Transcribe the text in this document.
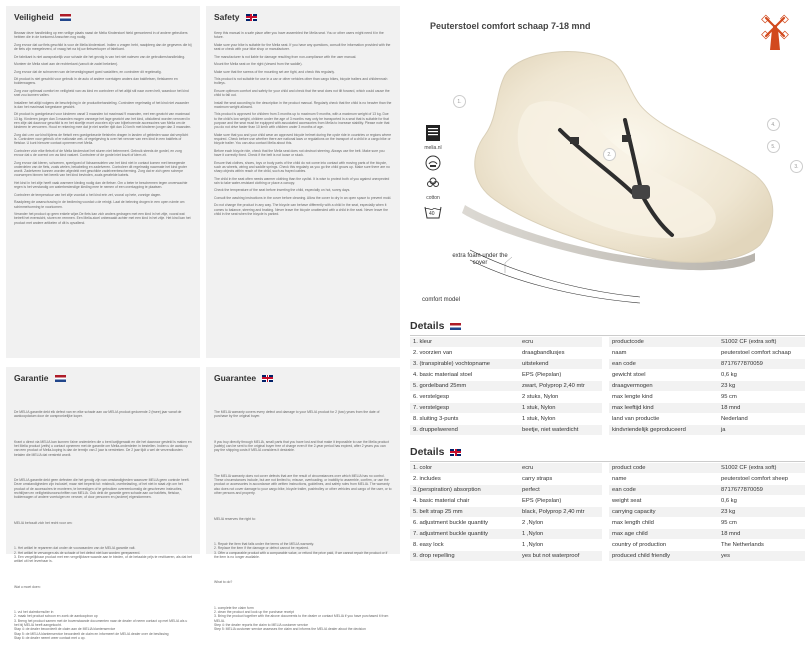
Veiligheid

Bewaar deze handleiding op een veilige plaats naast de Melia Kinderstoel hield gemonteerd in of andere gebruikers hebben die in de toekomst Ansschen nog nodig.

Zorg ervoor dat uw fiets geschikt is voor de Melia kinderstoel. Indien u vragen hebt, raadpleeg dan de gegevens die bij de fiets zijn meegeleverd, of vraag het na bij uw fietsverkoper of fabrikant.

De fabrikant is niet aansprakelijk voor schade die het gevolg is van het niet naleven van de gebruikershandleiding.

Monteer de Melia stoel aan de rechterkant (vanuit de zadel bekeken).

Zorg ervoor dat de schroeven van de bevestigingsset goed vastzitten, en controleer dit regelmatig.

Dit product is niet geschikt voor gebruik in de auto of andere voertuigen anders dan bakfietsen, fietskarren en bolderwagens.

Zorg voor optimaal comfort en veiligheid van uw kind en controleer of het altijd stil naar voren helt, waardoor het kind snel zou kunnen vallen.

Installeer het altijd volgens de beschrijving in de productbehandeling. Controleer regelmatig of het kind niet zwaarder is dan het maximaal toegestane gewicht.

Dit product is goedgekeurd voor kinderen vanaf 3 maanden tot maximaal 9 maanden, met een gewicht van maximaal 13 kg. Kinderen jonger dan 3 maanden mogen vanwege het lage gewicht van het kind, uitsluitend worden vervoerd in een zitje dat daarvoor geschikt is en het stoeltje moet voorzien zijn van bijbehorende accessoires van Melia om de kinderen te vervoeren. Houd er rekening mee dat je niet sneller rijdt dan 10 km/h met kinderen jonger dan 3 maanden.

Zorg dat u en uw kind tijdens de fietsrit een goedgekeurde fietshelm dragen in landen of gebieden waar dat verplicht is. Controleer voor gebruik of er nationale wet- of regelgeving is over het vervoer van een kind in een bakfiets of fietskar. U kunt hierover contact opnemen met Melia.

Controleer vóór elke fietsrit of de Melia kinderstoel het sturen niet belemmert. Gebruik steeds de gordel, en zorg ervoor dat u de correct om uw kind vastzet. Controleer of de gordel niet loszit of klem zit.

Zorg ervoor dat kleren, schoenen, speelgoed of lichaamsdelen van het kind niet in contact komen met bewegende onderdelen van de fiets, zoals wielen, bekabeling en zadelveren. Controleer dit regelmatig naarmate het kind groter wordt. Zadelveren kunnen worden afgedekt met geschikte zadelveerbescherming. Zorg dat er zich geen scherpe voorwerpen binnen het bereik van het kind bevinden, zoals gerafelde kabels.

Het kind in het zitje heeft vaak warmere kleding nodig dan de fietser. Om u beter te beschermen tegen onverwachte regen is het verstandig om waterbestendige kleding mee te nemen of een overkapping te plaatsen.

Controleer de temperatuur van het zitje voordat u het kind erin zet, vooral op hete, zonnige dagen.

Raadpleeg de waarschuwing in de bediening voordat u de reinigt. Laat de beleving drogen in een open ruimte om schimmelvorming te voorkomen.

Verander het product op geen enkele wijze.De fiets kan zich anders gedragen met een kind in het zitje, vooral wat betreft het evenwicht, sturen en remmen. Een Melia-stoel onbewaakt achter met een kind in het zitje. Het kind kan het product met andere artikelen of dit is opvallend.

Safety

Keep this manual in a safe place after you have assembled the Melia seat. You or other users might need it in the future.

Make sure your bike is suitable for the Melia seat. If you have any questions, consult the information provided with the seat or check with your bike shop or manufacturer.

The manufacturer is not liable for damage resulting from non-compliance with the user manual.

Mount the Melia seat on the right (viewed from the saddle).

Make sure that the screws of the mounting set are tight, and check this regularly.

This product is not suitable for use in a car or other vehicles other than cargo bikes, bicycle trailers and childrenrush trolleys.

Ensure optimum comfort and safety for your child and check that the seat does not tilt forward, which could cause the child to fall out.

Install the seat according to the description in the product manual. Regularly check that the child is no heavier than the maximum weight allowed.

This product is approved for children from 3 months up to maximum 9 months, with a maximum weight of 13 kg. Due to the child's low weight, children under the age of 3 months may only be transported in a seat that is suitable for that purpose and the seat must be equipped with associated accessories from Melia to increase stability. Please note that you do not drive faster than 10 km/h with children under 3 months of age.

Make sure that you and your child wear an approved bicycle helmet during the cycle ride in countries or regions where required. Check before use whether there are national laws or regulations on the transport of a child in a cargo bike or bicycle trailer. You can also contact Melia about this.

Before each bicycle ride, check that the Melia seat does not obstruct steering. Always use the belt. Make sure you have it correctly fixed. Check if the belt is not loose or stuck.

Ensure that clothes, shoes, toys or body parts of the child do not come into contact with moving parts of the bicycle, such as wheels, wiring and saddle springs. Check this regularly as you go the child grows up. Make sure there are no sharp objects within reach of the child, such as frayed cables.

The child in the seat often needs warmer clothing than the cyclist. It is wise to protect both of you against unexpected rain to take water-resistant clothing or place a canopy.

Check the temperature of the seat before inserting the child, especially on hot, sunny days.

Consult the washing instructions in the cover before cleaning. Allow the cover to dry in an open space to prevent mold.

Do not change the product in any way. The bicycle can behave differently with a child in the seat, especially when it comes to balance, steering and braking. Never leave the bicycle unattended with a child in the seat. Never leave the child in the seat when the bicycle is parked.

Garantie

De MELIA garantie dekt elk defect van en elke schade aan uw MELIA product gedurende 2 (twee) jaar vanaf de aankoopdatum door de oorspronkelijke koper.

Krant u direct via MELIA kan kunnen t'aine onderdelen die u bent kwijtgeraakt en die het daarvoor gesteld is maken en het Melia product (zelfs) u contact opnemen met de garantie om Melia-onderdelen in bestellen. Indien u de aankoop van een product of Melia-koping is dan de termijn van 2 jaar is verstreken. De 2 jaar tijdt u wel de verzendkosten betalen die MELIA dat verstrekt wordt.

De MELIA garantie dekt geen defecten die het gevolg zijn van omstandigheden waarover MELIA geen controle heeft. Deze omstandigheden zijn inclusief, maar niet beperkt tot: misbruik, overbelasting, of het niet in staat zijn om het product of de accessoires te monteren, te bevestigen of te gebruiken overeenkomstig de geschreven instructies, rechtlijnen en veiligheidsvoorschriften van MELIA. Ook dekt de garantie geen schade aan uw bakfiets, fietskar, bolderwagen of andere voertuigen en vervoer, of door personen en (andere) eigendommen.

MELIA behoudt zich het recht voor om:

1. Het artikel te repareren dat onder de voorwaarden van de MELIA garantie valt.
2. Het artikel te vervangen als de schade of het defect niet kan worden gerepareerd.
3. Een vergelijkbaar product met een vergelijkbare waarde aan te bieden, of de betaalde prijs te restitueren, als dat het artikel uit het leverbaar is.

Wat u moet doen:

1. vul het claimformulier in
2. maak het product schoon en zoek de aankoopbon op
3. Breng het product samen met de bovenstaande documenten naar de dealer of neem contact op met MELIA als u het bij MELIA heeft aangekocht.
Stap 4: de dealer beoordeelt de claim aan de MELIA klantenservice
Stap 5: de MELIA klantenservice beoordeelt de claim en informeert de MELIA dealer over de beslissing
Stap 6: de dealer neemt weer contact met u op.

Guarantee

The MELIA warranty covers every defect and damage to your MELIA product for 2 (two) years from the date of purchase by the original buyer.

If you buy directly through MELIA, small parts that you have lost and that make it impossible to use the Melia product (safely) can be sent to the original buyer free of charge even if the 2-year period has expired, after 2 years you can pay the shipping costs if MELIA considers it desirable.

The MELIA warranty does not cover defects that are the result of circumstances over which MELIA has no control. These circumstances include, but are not limited to, misuse, overloading, or inability to assemble, confirm, or use the product or accessories in accordance with written instructions, guidelines, and safety rules from MELIA. The warranty also does not cover damage to your cargo bike, bicycle trailer, pushtrolley or other vehicles and cargo of the user, or to other persons and property.

MELIA reserves the right to:

1. Repair the item that falls under the terms of the MELIA warranty.
2. Replace the item if the damage or defect cannot be repaired.
3. Offer a comparable product with a comparable value, or refund the price paid, if we cannot repair the product or if the item is no longer available.

What to do?

1. complete the claim form
2. clean the product and look up the purchase receipt
3. Bring the product together with the above documents to the dealer or contact MELIA if you have purchased it from MELIA.
Step 4: the dealer reports the claim to MELIA customer service
Step 5: MELIA customer service assesses the claim and informs the MELIA dealer about the decision

Peuterstoel comfort schaap 7-18 mnd
1.
2.
3.
4.
5.
extra foam under the cover
comfort model
melia.nl
cotton
40
Details
1. kleur	ecru	productcode	S1002 CF (extra soft)
2. voorzien van	draagbandlusjes	naam	peuterstoel comfort schaap
3. (transpirable) vochtopname	uitstekend	ean code	8717677870059
4. basic materiaal stoel	EPS (Piepslan)	gewicht stoel	0,6 kg
5. gordelband 25mm	zwart, Polyprop 2,40 mtr	draagvermogen	23 kg
6. verstelgesp	2 stuks, Nylon	max lengte kind	95 cm
7. verstelgesp	1 stuk, Nylon	max leeftijd kind	18 mnd
8. sluiting 3-punts	1 stuk, Nylon	land van productie	Nederland
9. druppelwerend	beetje, niet waterdicht	kindvriendelijk geproduceerd	ja
Details
1. color	ecru	product code	S1002 CF (extra soft)
2. includes	carry straps	name	peuterstoel comfort sheep
3.(perspiration) absorption	perfect	ean code	8717677870059
4. basic material chair	EPS (Piepslan)	weight seat	0,6 kg
5. belt strap 25 mm	black, Polyprop 2,40 mtr	carrying capacity	23 kg
6. adjustment buckle quantity	2 ,Nylon	max length child	95 cm
7. adjustment buckle quantity	1 ,Nylon	max age child	18 mnd
8. easy lock	1 ,Nylon	country of production	The Netherlands
9. drop repelling	yes but not waterproof	produced child friendly	yes
